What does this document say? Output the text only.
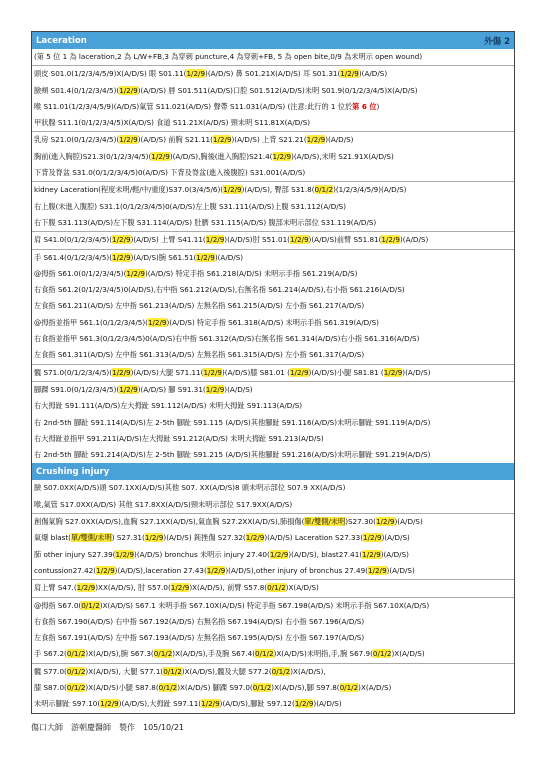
Laceration	外傷 2
(第 5 位 1 為 laceration,2 為 L/W+FB,3 為穿刺 puncture,4 為穿刺+FB, 5 為 open bite,0/9 為未明示 open wound)
頭皮 S01.0(1/2/3/4/5/9)X(A/D/S) 眼 S01.11(1/2/9)(A/D/S) 鼻 S01.21X(A/D/S) 耳 S01.31(1/2/9)(A/D/S)
臉頰 S01.4(0/1/2/3/4/5)(1/2/9)(A/D/S) 唇 S01.511(A/D/S)口腔 S01.512(A/D/S)未明 S01.9(0/1/2/3/4/5)X(A/D/S)
喉 S11.01(1/2/3/4/5/9)(A/D/S)氣管 S11.021(A/D/S) 聲帶 S11.031(A/D/S) (注意:此行的 1 位於第 6 位)
甲狀腺 S11.1(0/1/2/3/4/5)X(A/D/S) 食道 S11.21X(A/D/S) 頸未明 S11.81X(A/D/S)
乳房 S21.0(0/1/2/3/4/5)(1/2/9)(A/D/S) 前胸 S21.11(1/2/9)(A/D/S) 上背 S21.21(1/2/9)(A/D/S)
胸前(進入胸腔)S21.3(0/1/2/3/4/5)(1/2/9)(A/D/S),胸後(進入胸腔)S21.4(1/2/9)(A/D/S),未明 S21.91X(A/D/S)
下背及脊盆 S31.0(0/1/2/3/4/5)0(A/D/S) 下背及脊盆(進入後腹腔) S31.001(A/D/S)
kidney Laceration(程度未明/輕/中/重度)S37.0(3/4/5/6)(1/2/9)(A/D/S), 臀部 S31.8(0/1/2)(1/2/3/4/5/9)(A/D/S)
右上腹(未進入腹腔) S31.1(0/1/2/3/4/5)0(A/D/S)左上腹 S31.111(A/D/S)上腹 S31.112(A/D/S)
右下腹 S31.113(A/D/S)左下腹 S31.114(A/D/S) 肚臍 S31.115(A/D/S) 腹部未明示部位 S31.119(A/D/S)
肩 S41.0(0/1/2/3/4/5)(1/2/9)(A/D/S) 上臂 S41.11(1/2/9)(A/D/S)肘 S51.01(1/2/9)(A/D/S)前臂 S51.81(1/2/9)(A/D/S)
手 S61.4(0/1/2/3/4/5)(1/2/9)(A/D/S)腕 S61.51(1/2/9)(A/D/S)
@拇指 S61.0(0/1/2/3/4/5)(1/2/9)(A/D/S) 特定手指 S61.218(A/D/S) 未明示手指 S61.219(A/D/S)
右食指 S61.2(0/1/2/3/4/5)0(A/D/S),右中指 S61.212(A/D/S),右無名指 S61.214(A/D/S),右小指 S61.216(A/D/S)
左食指 S61.211(A/D/S) 左中指 S61.213(A/D/S) 左無名指 S61.215(A/D/S) 左小指 S61.217(A/D/S)
@拇指並指甲 S61.1(0/1/2/3/4/5)(1/2/9)(A/D/S) 特定手指 S61.318(A/D/S) 未明示手指 S61.319(A/D/S)
右食指並指甲 S61.3(0/1/2/3/4/5)0(A/D/S)右中指 S61.312(A/D/S)右無名指 S61.314(A/D/S)右小指 S61.316(A/D/S)
左食指 S61.311(A/D/S) 左中指 S61.313(A/D/S) 左無名指 S61.315(A/D/S) 左小指 S61.317(A/D/S)
髖 S71.0(0/1/2/3/4/5)(1/2/9)(A/D/S)大腿 S71.11(1/2/9)(A/D/S)膝 S81.01 (1/2/9)(A/D/S)小腿 S81.81 (1/2/9)(A/D/S)
腳踝 S91.0(0/1/2/3/4/5)(1/2/9)(A/D/S) 腳 S91.31(1/2/9)(A/D/S)
右大拇趾 S91.111(A/D/S)左大拇趾 S91.112(A/D/S) 未明大拇趾 S91.113(A/D/S)
右 2nd-5th 腳趾 S91.114(A/D/S)左 2-5th 腳趾 S91.115 (A/D/S)其他腳趾 S91.116(A/D/S)未明示腳趾 S91.119(A/D/S)
右大拇趾並指甲 S91.211(A/D/S)左大拇趾 S91.212(A/D/S) 未明大拇趾 S91.213(A/D/S)
右 2nd-5th 腳趾 S91.214(A/D/S)左 2-5th 腳趾 S91.215 (A/D/S)其他腳趾 S91.216(A/D/S)未明示腳趾 S91.219(A/D/S)
Crushing injury
臉 S07.0XX(A/D/S)頭 S07.1XX(A/D/S)其他 S07. XX(A/D/S)8 頭未明示部位 S07.9 XX(A/D/S)
喉,氣管 S17.0XX(A/D/S) 其他 S17.8XX(A/D/S)頸未明示部位 S17.9XX(A/D/S)
創傷氣胸 S27.0XX(A/D/S),血胸 S27.1XX(A/D/S),氣血胸 S27.2XX(A/D/S),肺損傷(單/雙側/未明)S27.30(1/2/9)(A/D/S)
氣爆 blast(單/雙側/未明) S27.31(1/2/9)(A/D/S) 鈍挫傷 S27.32(1/2/9)(A/D/S) Laceration S27.33(1/2/9)(A/D/S)
肺 other injury S27.39(1/2/9)(A/D/S) bronchus 未明示 injury 27.40(1/2/9)(A/D/S), blast27.41(1/2/9)(A/D/S)
contussion27.42(1/2/9)(A/D/S),laceration 27.43(1/2/9)(A/D/S),other injury of bronchus 27.49(1/2/9)(A/D/S)
肩上臂 S47.(1/2/9)XX(A/D/S), 肘 S57.0(1/2/9)X(A/D/S), 前臂 S57.8(0/1/2)X(A/D/S)
@拇指 S67.0(0/1/2)X(A/D/S) S67.1 未明手指 S67.10X(A/D/S) 特定手指 S67.198(A/D/S) 未明示手指 S67.10X(A/D/S)
右食指 S67.190(A/D/S) 右中指 S67.192(A/D/S) 右無名指 S67.194(A/D/S) 右小指 S67.196(A/D/S)
左食指 S67.191(A/D/S) 左中指 S67.193(A/D/S) 左無名指 S67.195(A/D/S) 左小指 S67.197(A/D/S)
手 S67.2(0/1/2)X(A/D/S),腕 S67.3(0/1/2)X(A/D/S),手及腕 S67.4(0/1/2)X(A/D/S)未明指,手,腕 S67.9(0/1/2)X(A/D/S)
髖 S77.0(0/1/2)X(A/D/S), 大腿 S77.1(0/1/2)X(A/D/S),髖及大腿 S77.2(0/1/2)X(A/D/S),
膝 S87.0(0/1/2)X(A/D/S)小腿 S87.8(0/1/2)X(A/D/S) 腳踝 S97.0(0/1/2)X(A/D/S),腳 S97.8(0/1/2)X(A/D/S)
未明示腳趾 S97.10(1/2/9)(A/D/S),大拇趾 S97.11(1/2/9)(A/D/S),腳趾 S97.12(1/2/9)(A/D/S)
傷口大師　游朝慶醫師　製作　105/10/21
